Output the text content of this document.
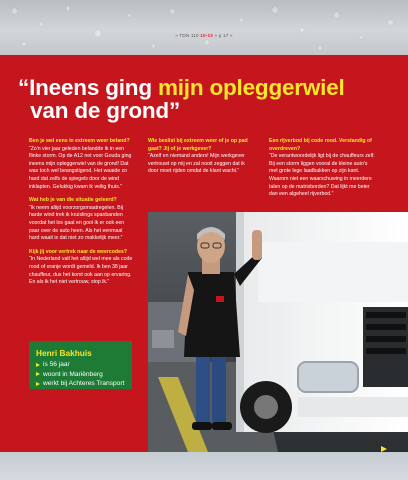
» TDN 110 10-23 » p 17 «
“Ineens ging mijn opleggerwiel
van de grond”

Ben je wel eens in extreem weer beland?
“Zo'n vier jaar geleden belandde ik in een flinke storm. Op de A12 net voor Gouda ging ineens mijn opleggerwiel van de grond! Dat was toch wel beangstigend. Het waaide zo hard dat zelfs de spiegels door de wind inklapten. Gelukkig kwam ik veilig thuis.”

Wat heb je van die situatie geleerd?
“Ik neem altijd voorzorgsmaatregelen. Bij harde wind trek ik kruislings spanbanden voordat het los gaat en gooi ik er ook een paar over de auto heen. Als het eenmaal hard waait is dat niet zo makkelijk meer.”

Kijk jij voor vertrek naar de weercodes?
“In Nederland valt het altijd wel mee als code rood of oranje wordt gemeld. Ik ben 38 jaar chauffeur, dus het komt ook aan op ervaring. En als ik het niet vertrouw, stop ik.”

Wie beslist bij extreem weer of je op pad gaat? Jij of je werkgever?
“Azelf en niemand anders! Mijn werkgever vertrouwt op mij en zal nooit zeggen dat ik door moet rijden omdat de klant wacht.”

Een rijverbod bij code rood. Verstandig of overdreven?
“De verantwoordelijk ligt bij de chauffeurs zelf. Bij een storm liggen vooral de kleine auto's met grote lege laadbakken op zijn kant. Waarom niet een waarschuwing in meerdere talen op de matrixborden? Dat lijkt me beter dan een algeheel rijverbod.”

Henri Bakhuis
is 56 jaar
woont in Mariënberg
werkt bij Achteres Transport
